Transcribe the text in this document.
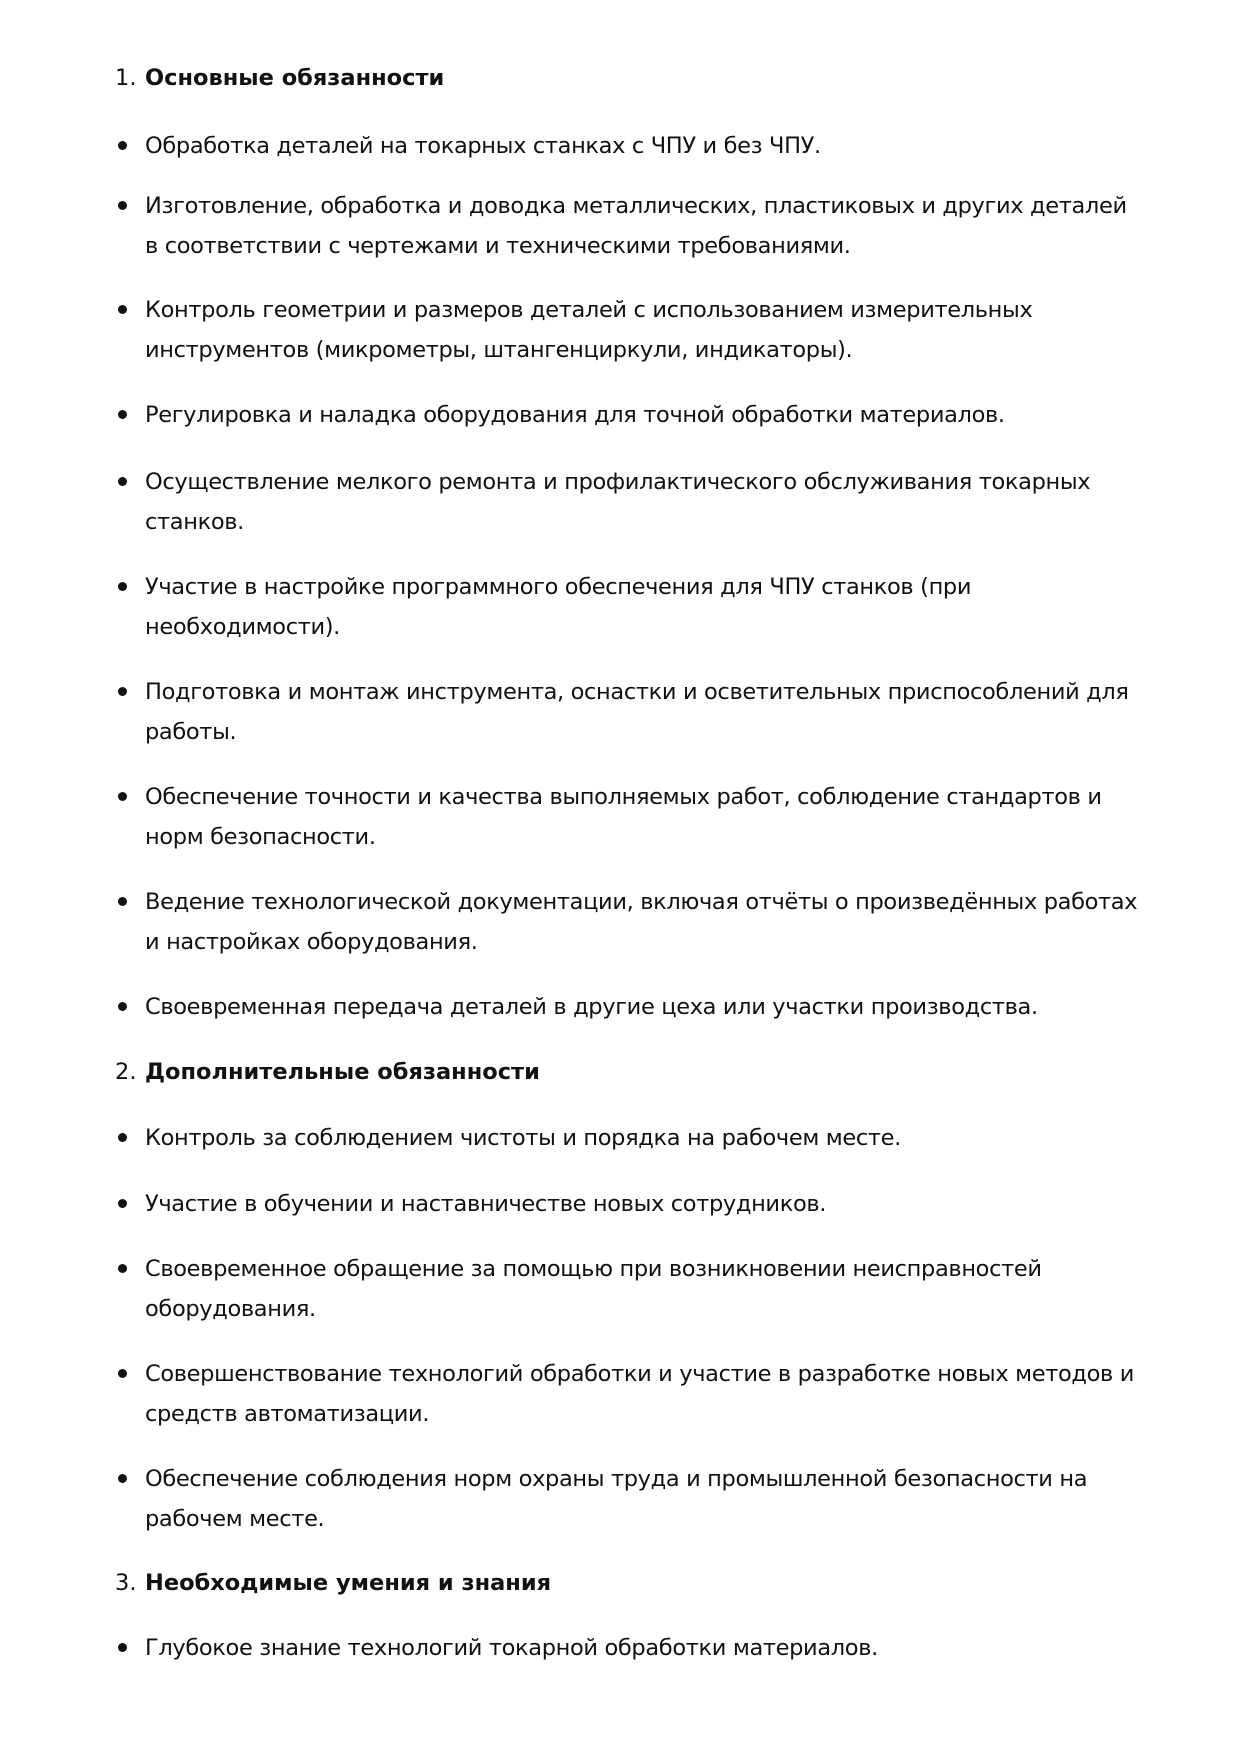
1. Основные обязанности
Обработка деталей на токарных станках с ЧПУ и без ЧПУ.
Изготовление, обработка и доводка металлических, пластиковых и других деталей в соответствии с чертежами и техническими требованиями.
Контроль геометрии и размеров деталей с использованием измерительных инструментов (микрометры, штангенциркули, индикаторы).
Регулировка и наладка оборудования для точной обработки материалов.
Осуществление мелкого ремонта и профилактического обслуживания токарных станков.
Участие в настройке программного обеспечения для ЧПУ станков (при необходимости).
Подготовка и монтаж инструмента, оснастки и осветительных приспособлений для работы.
Обеспечение точности и качества выполняемых работ, соблюдение стандартов и норм безопасности.
Ведение технологической документации, включая отчёты о произведённых работах и настройках оборудования.
Своевременная передача деталей в другие цеха или участки производства.
2. Дополнительные обязанности
Контроль за соблюдением чистоты и порядка на рабочем месте.
Участие в обучении и наставничестве новых сотрудников.
Своевременное обращение за помощью при возникновении неисправностей оборудования.
Совершенствование технологий обработки и участие в разработке новых методов и средств автоматизации.
Обеспечение соблюдения норм охраны труда и промышленной безопасности на рабочем месте.
3. Необходимые умения и знания
Глубокое знание технологий токарной обработки материалов.
